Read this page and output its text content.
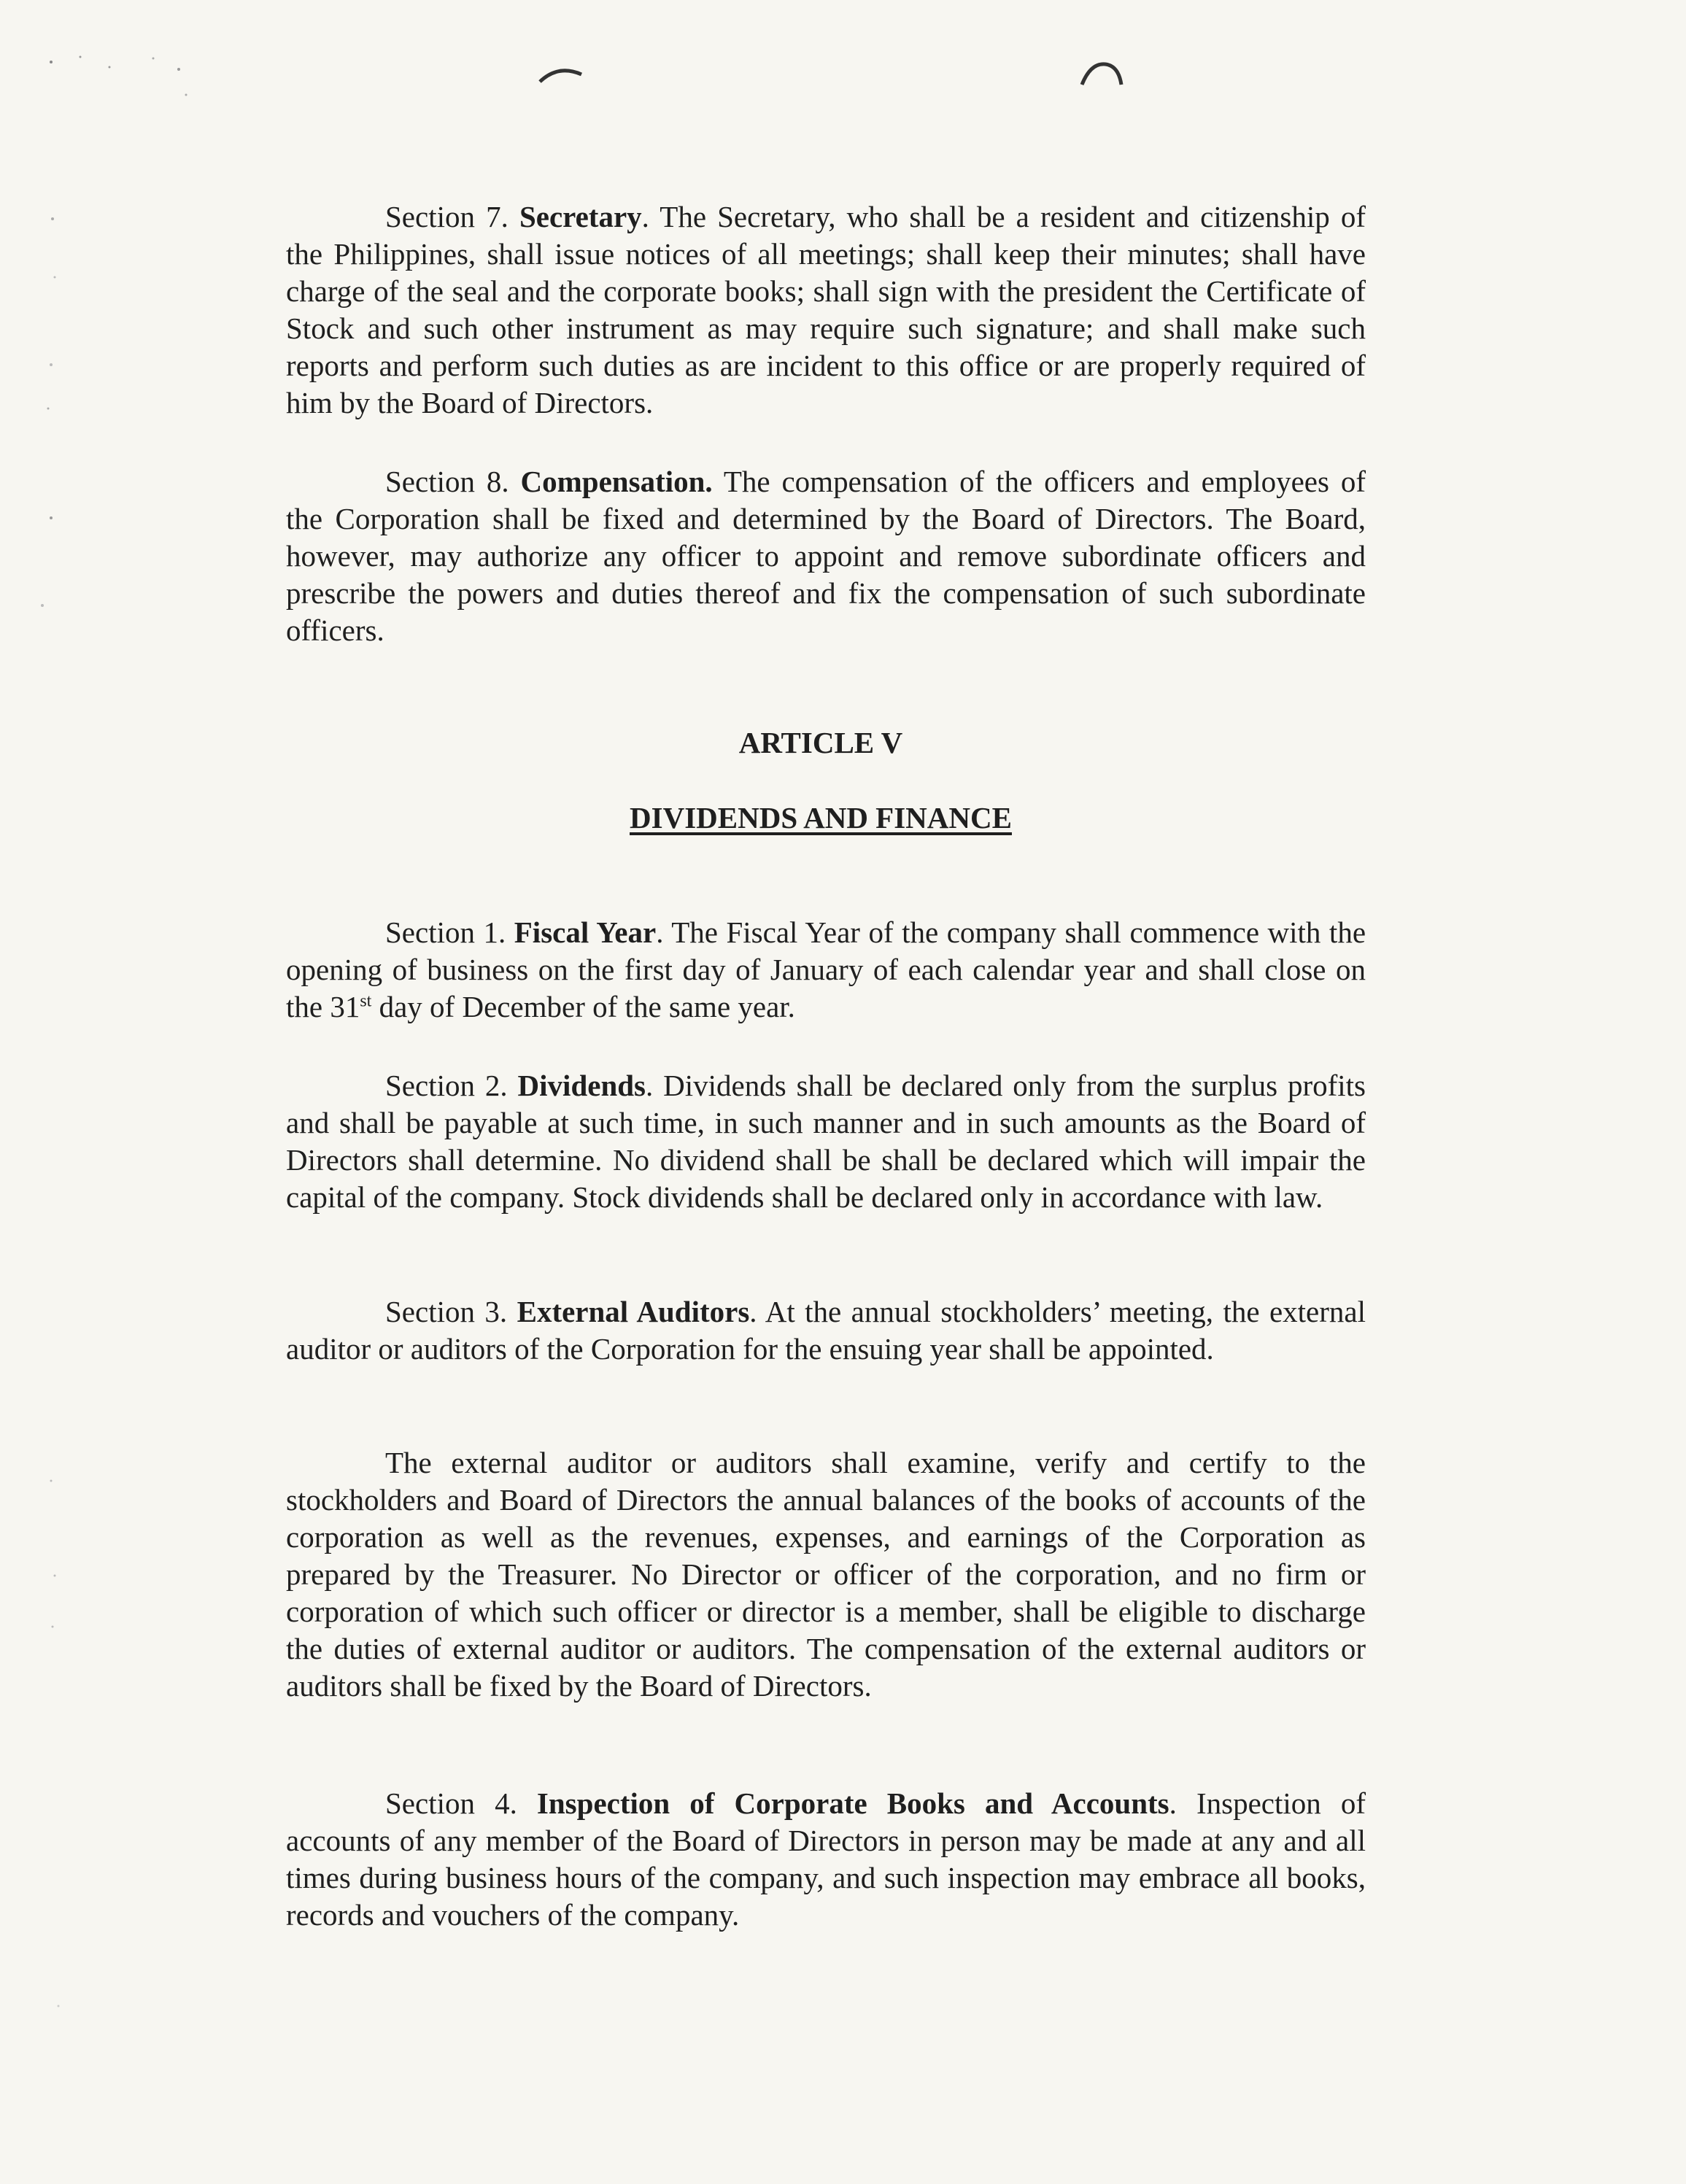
Section 7. Secretary. The Secretary, who shall be a resident and citizenship of the Philippines, shall issue notices of all meetings; shall keep their minutes; shall have charge of the seal and the corporate books; shall sign with the president the Certificate of Stock and such other instrument as may require such signature; and shall make such reports and perform such duties as are incident to this office or are properly required of him by the Board of Directors.

Section 8. Compensation. The compensation of the officers and employees of the Corporation shall be fixed and determined by the Board of Directors. The Board, however, may authorize any officer to appoint and remove subordinate officers and prescribe the powers and duties thereof and fix the compensation of such subordinate officers.

ARTICLE V
DIVIDENDS AND FINANCE

Section 1. Fiscal Year. The Fiscal Year of the company shall commence with the opening of business on the first day of January of each calendar year and shall close on the 31st day of December of the same year.

Section 2. Dividends. Dividends shall be declared only from the surplus profits and shall be payable at such time, in such manner and in such amounts as the Board of Directors shall determine. No dividend shall be shall be declared which will impair the capital of the company. Stock dividends shall be declared only in accordance with law.

Section 3. External Auditors. At the annual stockholders’ meeting, the external auditor or auditors of the Corporation for the ensuing year shall be appointed.

The external auditor or auditors shall examine, verify and certify to the stockholders and Board of Directors the annual balances of the books of accounts of the corporation as well as the revenues, expenses, and earnings of the Corporation as prepared by the Treasurer. No Director or officer of the corporation, and no firm or corporation of which such officer or director is a member, shall be eligible to discharge the duties of external auditor or auditors. The compensation of the external auditors or auditors shall be fixed by the Board of Directors.

Section 4. Inspection of Corporate Books and Accounts. Inspection of accounts of any member of the Board of Directors in person may be made at any and all times during business hours of the company, and such inspection may embrace all books, records and vouchers of the company.
